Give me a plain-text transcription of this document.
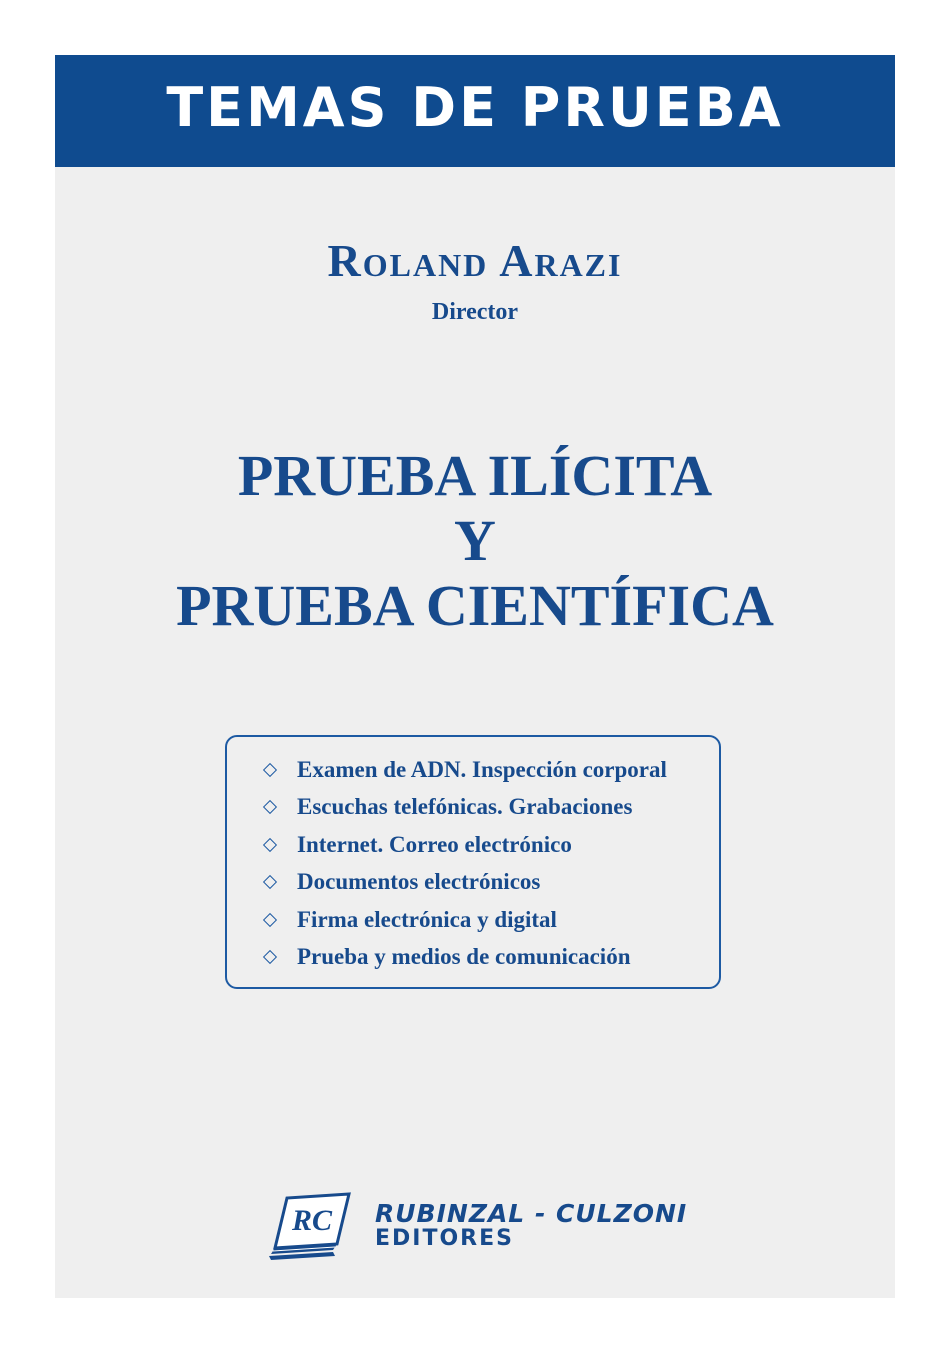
TEMAS DE PRUEBA
Roland Arazi
Director
PRUEBA ILÍCITA
Y
PRUEBA CIENTÍFICA
Examen de ADN. Inspección corporal
Escuchas telefónicas. Grabaciones
Internet. Correo electrónico
Documentos electrónicos
Firma electrónica y digital
Prueba y medios de comunicación
RC RUBINZAL - CULZONI
EDITORES
